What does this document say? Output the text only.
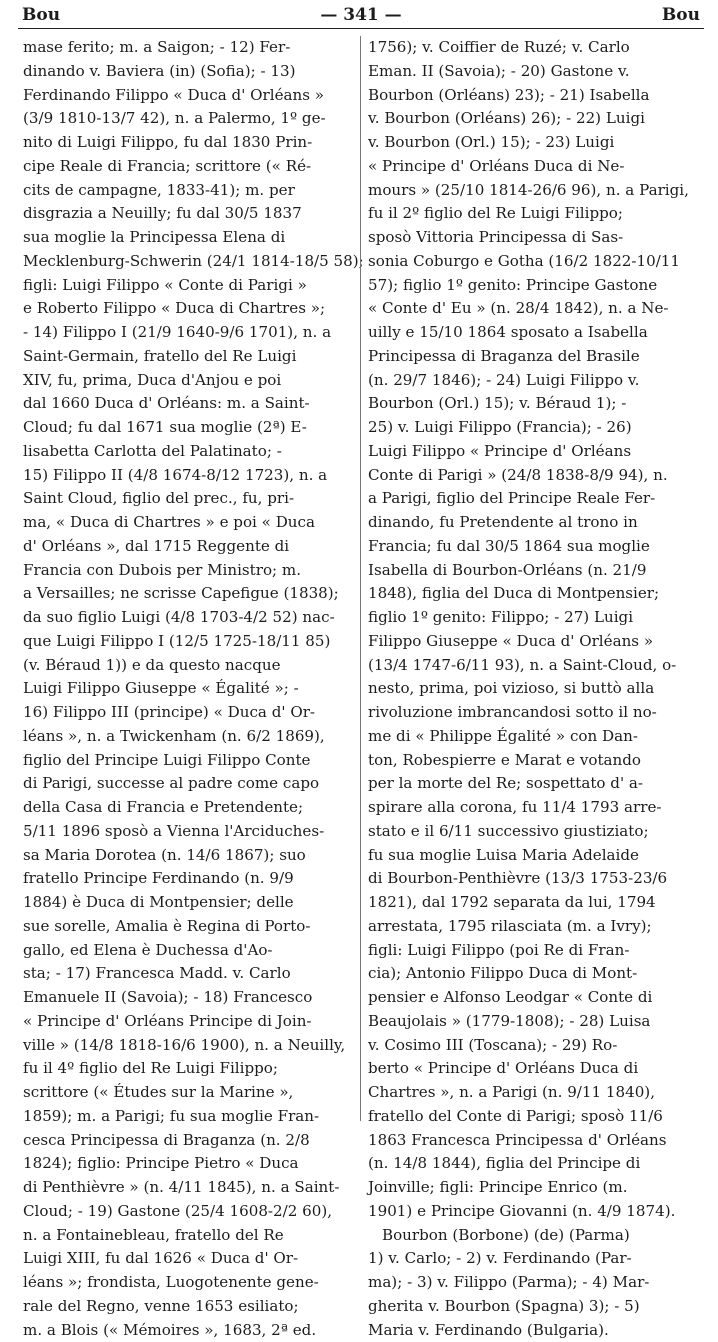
Bou	— 341 —	Bou
mase ferito; m. a Saigon; - 12) Fer-
dinando v. Baviera (in) (Sofia); - 13)
Ferdinando Filippo « Duca d' Orléans »
(3/9 1810-13/7 42), n. a Palermo, 1º ge-
nito di Luigi Filippo, fu dal 1830 Prin-
cipe Reale di Francia; scrittore (« Ré-
cits de campagne, 1833-41); m. per
disgrazia a Neuilly; fu dal 30/5 1837
sua moglie la Principessa Elena di
Mecklenburg-Schwerin (24/1 1814-18/5 58);
figli: Luigi Filippo « Conte di Parigi »
e Roberto Filippo « Duca di Chartres »;
- 14) Filippo I (21/9 1640-9/6 1701), n. a
Saint-Germain, fratello del Re Luigi
XIV, fu, prima, Duca d'Anjou e poi
dal 1660 Duca d' Orléans: m. a Saint-
Cloud; fu dal 1671 sua moglie (2ª) E-
lisabetta Carlotta del Palatinato; -
15) Filippo II (4/8 1674-8/12 1723), n. a
Saint Cloud, figlio del prec., fu, pri-
ma, « Duca di Chartres » e poi « Duca
d' Orléans », dal 1715 Reggente di
Francia con Dubois per Ministro; m.
a Versailles; ne scrisse Capefigue (1838);
da suo figlio Luigi (4/8 1703-4/2 52) nac-
que Luigi Filippo I (12/5 1725-18/11 85)
(v. Béraud 1)) e da questo nacque
Luigi Filippo Giuseppe « Égalité »; -
16) Filippo III (principe) « Duca d' Or-
léans », n. a Twickenham (n. 6/2 1869),
figlio del Principe Luigi Filippo Conte
di Parigi, successe al padre come capo
della Casa di Francia e Pretendente;
5/11 1896 sposò a Vienna l'Arciduches-
sa Maria Dorotea (n. 14/6 1867); suo
fratello Principe Ferdinando (n. 9/9
1884) è Duca di Montpensier; delle
sue sorelle, Amalia è Regina di Porto-
gallo, ed Elena è Duchessa d'Ao-
sta; - 17) Francesca Madd. v. Carlo
Emanuele II (Savoia); - 18) Francesco
« Principe d' Orléans Principe di Join-
ville » (14/8 1818-16/6 1900), n. a Neuilly,
fu il 4º figlio del Re Luigi Filippo;
scrittore (« Études sur la Marine »,
1859); m. a Parigi; fu sua moglie Fran-
cesca Principessa di Braganza (n. 2/8
1824); figlio: Principe Pietro « Duca
di Penthièvre » (n. 4/11 1845), n. a Saint-
Cloud; - 19) Gastone (25/4 1608-2/2 60),
n. a Fontainebleau, fratello del Re
Luigi XIII, fu dal 1626 « Duca d' Or-
léans »; frondista, Luogotenente gene-
rale del Regno, venne 1653 esiliato;
m. a Blois (« Mémoires », 1683, 2ª ed.
1756); v. Coiffier de Ruzé; v. Carlo
Eman. II (Savoia); - 20) Gastone v.
Bourbon (Orléans) 23); - 21) Isabella
v. Bourbon (Orléans) 26); - 22) Luigi
v. Bourbon (Orl.) 15); - 23) Luigi
« Principe d' Orléans Duca di Ne-
mours » (25/10 1814-26/6 96), n. a Parigi,
fu il 2º figlio del Re Luigi Filippo;
sposò Vittoria Principessa di Sas-
sonia Coburgo e Gotha (16/2 1822-10/11
57); figlio 1º genito: Principe Gastone
« Conte d' Eu » (n. 28/4 1842), n. a Ne-
uilly e 15/10 1864 sposato a Isabella
Principessa di Braganza del Brasile
(n. 29/7 1846); - 24) Luigi Filippo v.
Bourbon (Orl.) 15); v. Béraud 1); -
25) v. Luigi Filippo (Francia); - 26)
Luigi Filippo « Principe d' Orléans
Conte di Parigi » (24/8 1838-8/9 94), n.
a Parigi, figlio del Principe Reale Fer-
dinando, fu Pretendente al trono in
Francia; fu dal 30/5 1864 sua moglie
Isabella di Bourbon-Orléans (n. 21/9
1848), figlia del Duca di Montpensier;
figlio 1º genito: Filippo; - 27) Luigi
Filippo Giuseppe « Duca d' Orléans »
(13/4 1747-6/11 93), n. a Saint-Cloud, o-
nesto, prima, poi vizioso, si buttò alla
rivoluzione imbrancandosi sotto il no-
me di « Philippe Égalité » con Dan-
ton, Robespierre e Marat e votando
per la morte del Re; sospettato d' a-
spirare alla corona, fu 11/4 1793 arre-
stato e il 6/11 successivo giustiziato;
fu sua moglie Luisa Maria Adelaide
di Bourbon-Penthièvre (13/3 1753-23/6
1821), dal 1792 separata da lui, 1794
arrestata, 1795 rilasciata (m. a Ivry);
figli: Luigi Filippo (poi Re di Fran-
cia); Antonio Filippo Duca di Mont-
pensier e Alfonso Leodgar « Conte di
Beaujolais » (1779-1808); - 28) Luisa
v. Cosimo III (Toscana); - 29) Ro-
berto « Principe d' Orléans Duca di
Chartres », n. a Parigi (n. 9/11 1840),
fratello del Conte di Parigi; sposò 11/6
1863 Francesca Principessa d' Orléans
(n. 14/8 1844), figlia del Principe di
Joinville; figli: Principe Enrico (m.
1901) e Principe Giovanni (n. 4/9 1874).
Bourbon (Borbone) (de) (Parma)
1) v. Carlo; - 2) v. Ferdinando (Par-
ma); - 3) v. Filippo (Parma); - 4) Mar-
gherita v. Bourbon (Spagna) 3); - 5)
Maria v. Ferdinando (Bulgaria).
